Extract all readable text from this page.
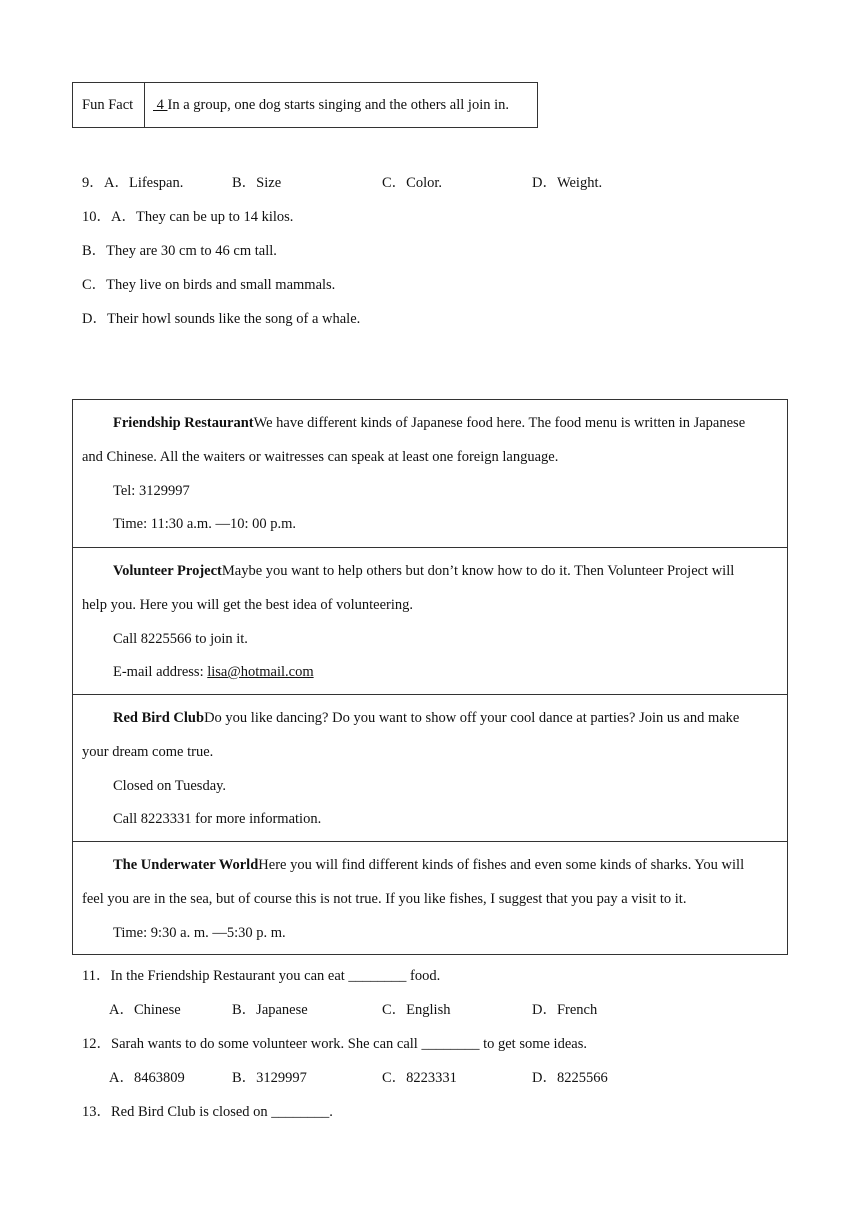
Fun Fact	4 In a group, one dog starts singing and the others all join in.
9． A．Lifespan.	B．Size	C．Color.	D．Weight.
10．A．They can be up to 14 kilos.
B．They are 30 cm to 46 cm tall.
C．They live on birds and small mammals.
D．Their howl sounds like the song of a whale.
Friendship RestaurantWe have different kinds of Japanese food here. The food menu is written in Japanese
and Chinese. All the waiters or waitresses can speak at least one foreign language.
Tel: 3129997
Time: 11:30 a.m. —10: 00 p.m.
Volunteer ProjectMaybe you want to help others but don’t know how to do it. Then Volunteer Project will
help you. Here you will get the best idea of volunteering.
Call 8225566 to join it.
E-mail address: lisa@hotmail.com
Red Bird ClubDo you like dancing? Do you want to show off your cool dance at parties? Join us and make
your dream come true.
Closed on Tuesday.
Call 8223331 for more information.
The Underwater WorldHere you will find different kinds of fishes and even some kinds of sharks. You will
feel you are in the sea, but of course this is not true. If you like fishes, I suggest that you pay a visit to it.
Time: 9:30 a. m. —5:30 p. m.
11．In the Friendship Restaurant you can eat ________ food.
A．Chinese	B．Japanese	C．English	D．French
12．Sarah wants to do some volunteer work. She can call ________ to get some ideas.
A．8463809	B．3129997	C．8223331	D．8225566
13．Red Bird Club is closed on ________.
